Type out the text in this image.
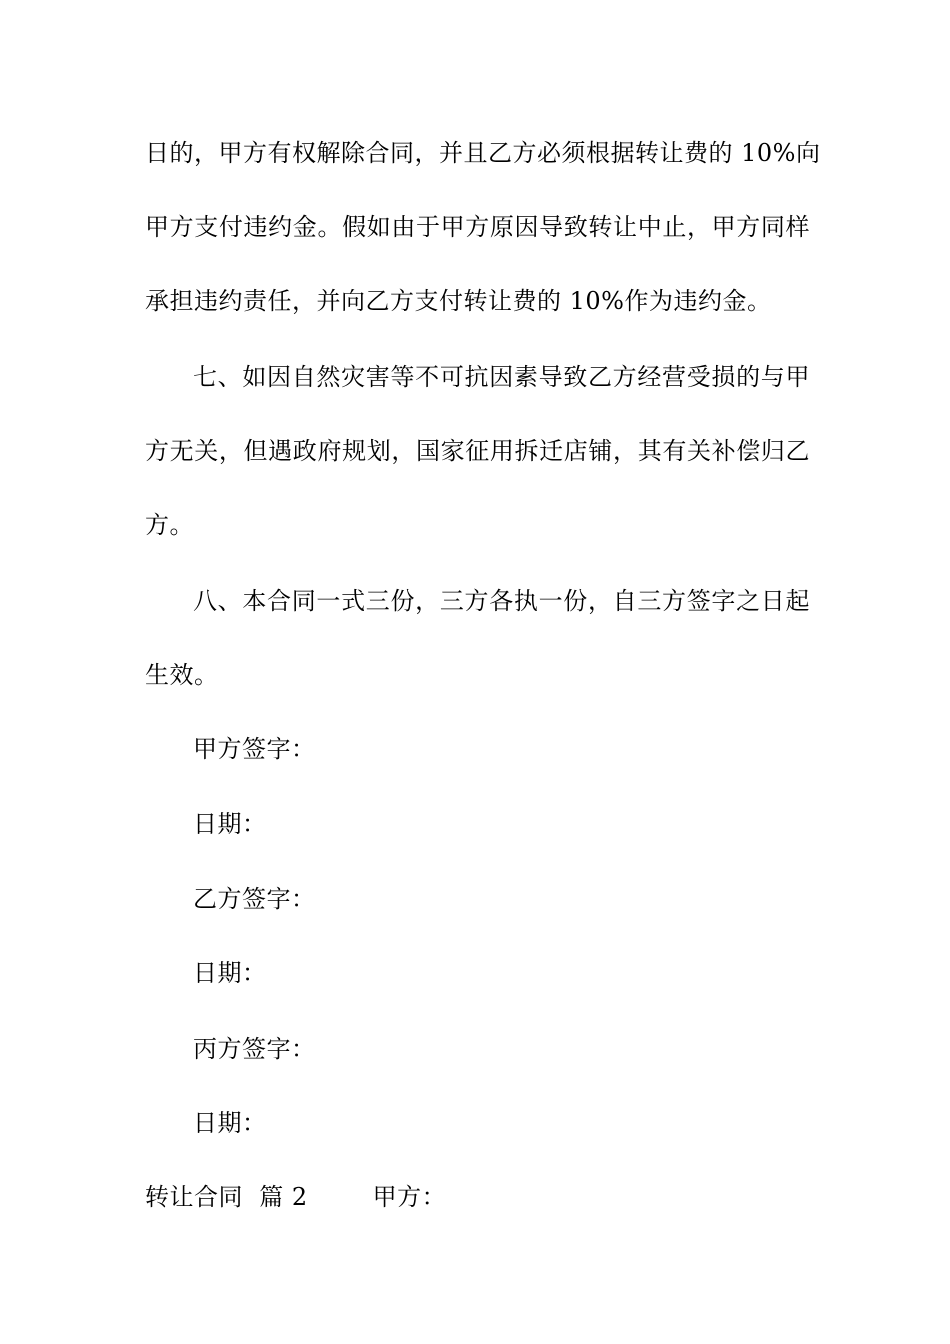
日的，甲方有权解除合同，并且乙方必须根据转让费的 10%向
甲方支付违约金。假如由于甲方原因导致转让中止，甲方同样
承担违约责任，并向乙方支付转让费的 10%作为违约金。
七、如因自然灾害等不可抗因素导致乙方经营受损的与甲
方无关，但遇政府规划，国家征用拆迁店铺，其有关补偿归乙
方。
八、本合同一式三份，三方各执一份，自三方签字之日起
生效。
甲方签字：
日期：
乙方签字：
日期：
丙方签字：
日期：
转让合同  篇 2        甲方：
